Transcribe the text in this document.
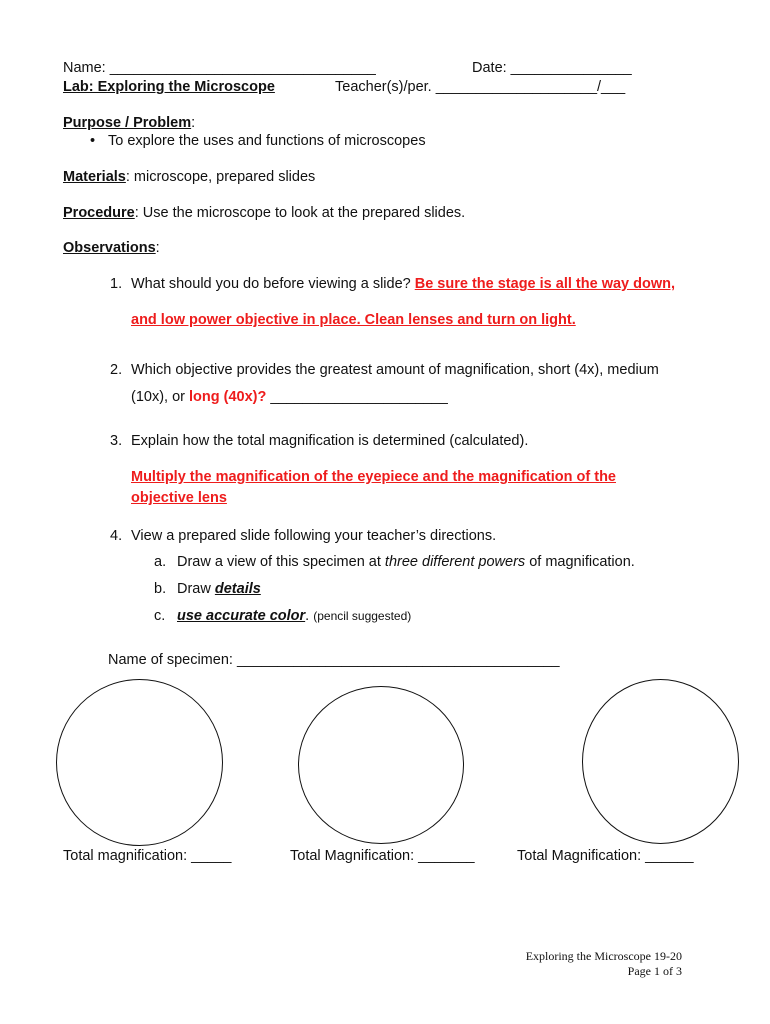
Name: _________________________________	Date: _______________
Lab: Exploring the Microscope	Teacher(s)/per. ____________________/___
Purpose / Problem:
• To explore the uses and functions of microscopes
Materials: microscope, prepared slides
Procedure: Use the microscope to look at the prepared slides.
Observations:
1. What should you do before viewing a slide? Be sure the stage is all the way down,
and low power objective in place. Clean lenses and turn on light.
2. Which objective provides the greatest amount of magnification, short (4x), medium
(10x), or long (40x)? ______________________
3. Explain how the total magnification is determined (calculated).
Multiply the magnification of the eyepiece and the magnification of the
objective lens
4. View a prepared slide following your teacher’s directions.
a. Draw a view of this specimen at three different powers of magnification.
b. Draw details
c. use accurate color. (pencil suggested)
Name of specimen: ________________________________________
Total magnification: _____	Total Magnification: _______	Total Magnification: ______
Exploring the Microscope 19-20
Page 1 of 3
